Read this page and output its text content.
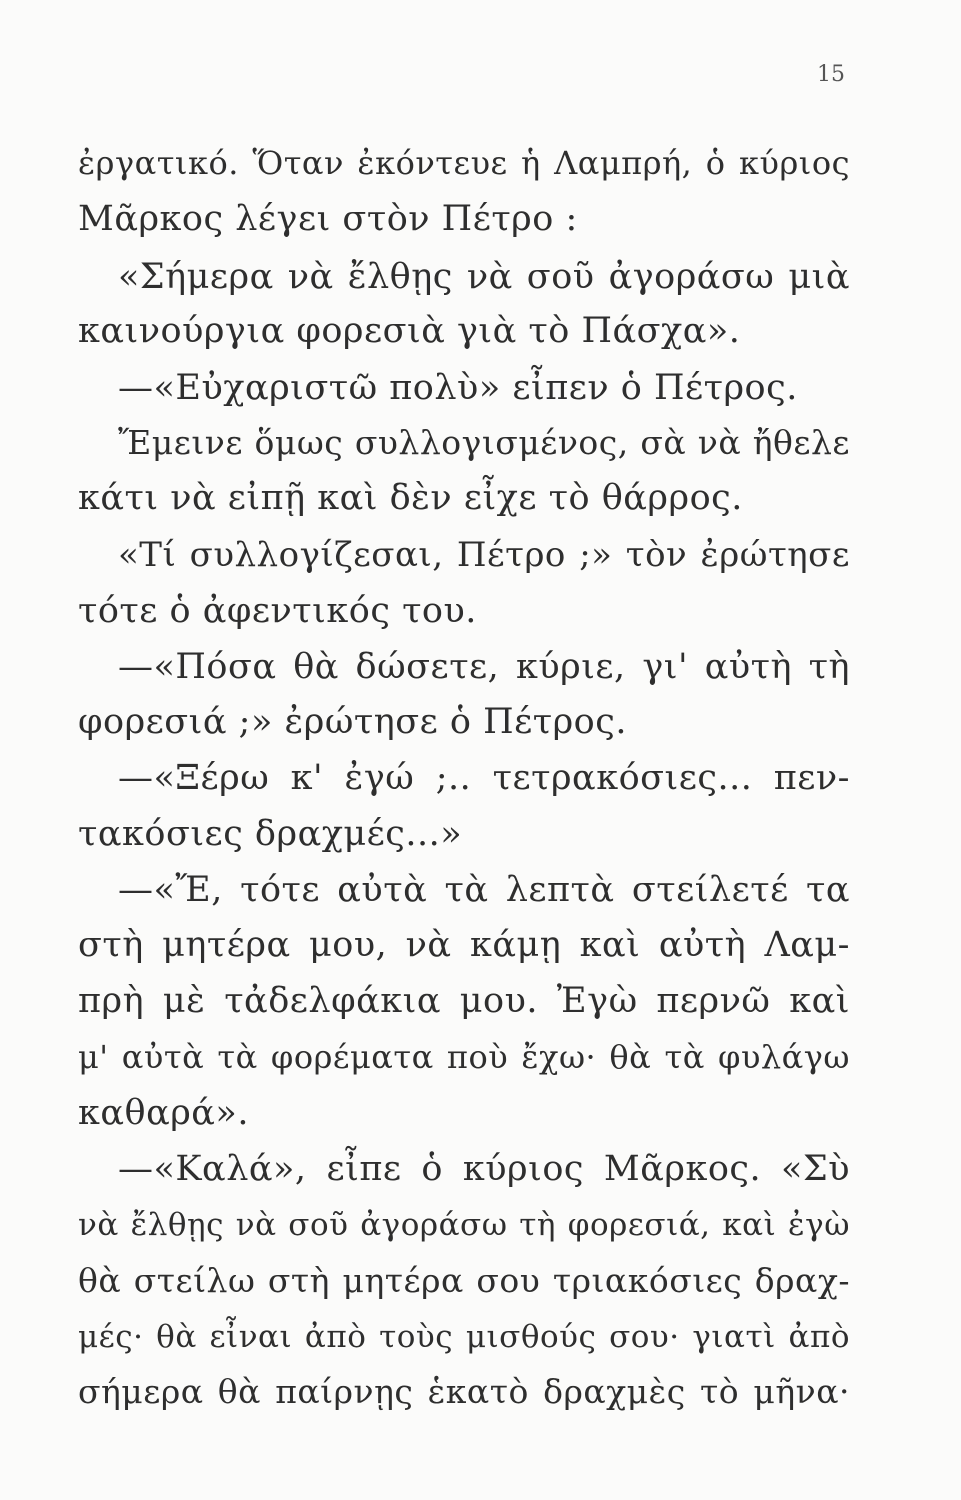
15
ἐργατικό. Ὅταν ἐκόντευε ἡ Λαμπρή, ὁ κύριος
Μᾶρκος λέγει στὸν Πέτρο :
«Σήμερα νὰ ἔλθῃς νὰ σοῦ ἀγοράσω μιὰ
καινούργια φορεσιὰ γιὰ τὸ Πάσχα».
—«Εὐχαριστῶ πολὺ» εἶπεν ὁ Πέτρος.
Ἔμεινε ὅμως συλλογισμένος, σὰ νὰ ἤθελε
κάτι νὰ εἰπῇ καὶ δὲν εἶχε τὸ θάρρος.
«Τί συλλογίζεσαι, Πέτρο ;» τὸν ἐρώτησε
τότε ὁ ἀφεντικός του.
—«Πόσα θὰ δώσετε, κύριε, γι' αὐτὴ τὴ
φορεσιά ;» ἐρώτησε ὁ Πέτρος.
—«Ξέρω κ' ἐγώ ;.. τετρακόσιες... πεν-
τακόσιες δραχμές...»
—«Ἔ, τότε αὐτὰ τὰ λεπτὰ στείλετέ τα
στὴ μητέρα μου, νὰ κάμῃ καὶ αὐτὴ Λαμ-
πρὴ μὲ τἀδελφάκια μου. Ἐγὼ περνῶ καὶ
μ' αὐτὰ τὰ φορέματα ποὺ ἔχω· θὰ τὰ φυλάγω
καθαρά».
—«Καλά», εἶπε ὁ κύριος Μᾶρκος. «Σὺ
νὰ ἔλθῃς νὰ σοῦ ἀγοράσω τὴ φορεσιά, καὶ ἐγὼ
θὰ στείλω στὴ μητέρα σου τριακόσιες δραχ-
μές· θὰ εἶναι ἀπὸ τοὺς μισθούς σου· γιατὶ ἀπὸ
σήμερα θὰ παίρνῃς ἑκατὸ δραχμὲς τὸ μῆνα·
